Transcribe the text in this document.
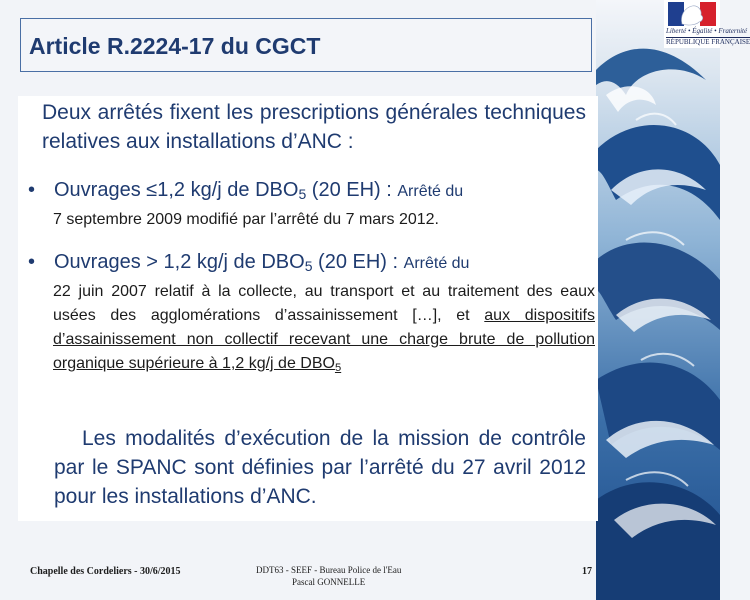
Liberté • Égalité • Fraternité
RÉPUBLIQUE FRANÇAISE
Article R.2224-17 du CGCT
Deux arrêtés fixent les prescriptions générales techniques relatives aux installations d’ANC :
• Ouvrages ≤1,2 kg/j de $DBO_5$ (20 EH) : Arrêté du
7 septembre 2009 modifié par l’arrêté du 7 mars 2012.
• Ouvrages > 1,2 kg/j de $DBO_5$ (20 EH) : Arrêté du
22 juin 2007 relatif à la collecte, au transport et au traitement des eaux usées des agglomérations d’assainissement […], et aux dispositifs d’assainissement non collectif recevant une charge brute de pollution organique supérieure à 1,2 kg/j de $DBO_5$
Les modalités d’exécution de la mission de contrôle par le SPANC sont définies par l’arrêté du 27 avril 2012 pour les installations d’ANC.
Chapelle des Cordeliers - 30/6/2015	DDT63 - SEEF - Bureau Police de l'Eau
Pascal GONNELLE
17
